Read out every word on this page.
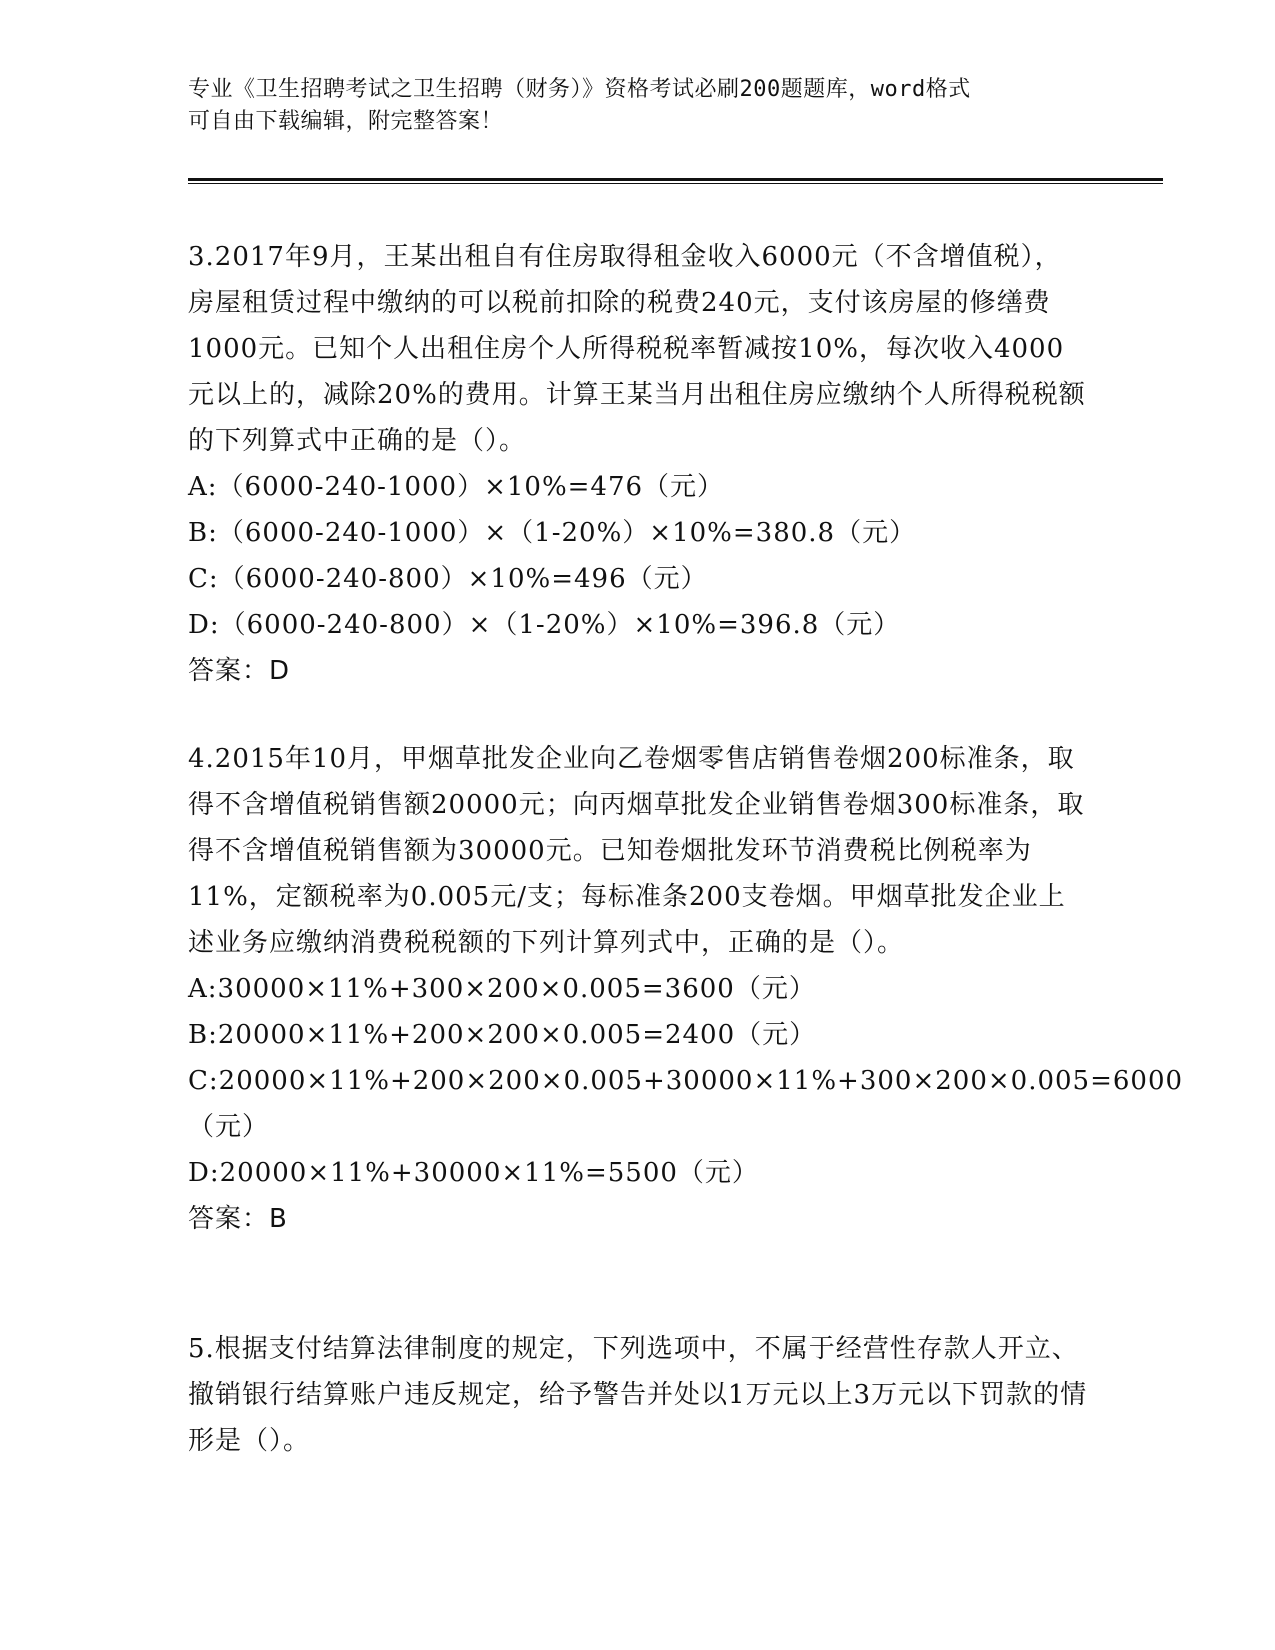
专业《卫生招聘考试之卫生招聘（财务）》资格考试必刷200题题库，word格式
可自由下载编辑，附完整答案！

3.2017年9月，王某出租自有住房取得租金收入6000元（不含增值税），房屋租赁过程中缴纳的可以税前扣除的税费240元，支付该房屋的修缮费1000元。已知个人出租住房个人所得税税率暂减按10%，每次收入4000元以上的，减除20%的费用。计算王某当月出租住房应缴纳个人所得税税额的下列算式中正确的是（）。

A:（6000-240-1000）×10%=476（元）

B:（6000-240-1000）×（1-20%）×10%=380.8（元）

C:（6000-240-800）×10%=496（元）

D:（6000-240-800）×（1-20%）×10%=396.8（元）

答案：D

4.2015年10月，甲烟草批发企业向乙卷烟零售店销售卷烟200标准条，取得不含增值税销售额20000元；向丙烟草批发企业销售卷烟300标准条，取得不含增值税销售额为30000元。已知卷烟批发环节消费税比例税率为11%，定额税率为0.005元/支；每标准条200支卷烟。甲烟草批发企业上述业务应缴纳消费税税额的下列计算列式中，正确的是（）。

A:30000×11%+300×200×0.005=3600（元）

B:20000×11%+200×200×0.005=2400（元）

C:20000×11%+200×200×0.005+30000×11%+300×200×0.005=6000（元）

D:20000×11%+30000×11%=5500（元）

答案：B

5.根据支付结算法律制度的规定，下列选项中，不属于经营性存款人开立、撤销银行结算账户违反规定，给予警告并处以1万元以上3万元以下罚款的情形是（）。
